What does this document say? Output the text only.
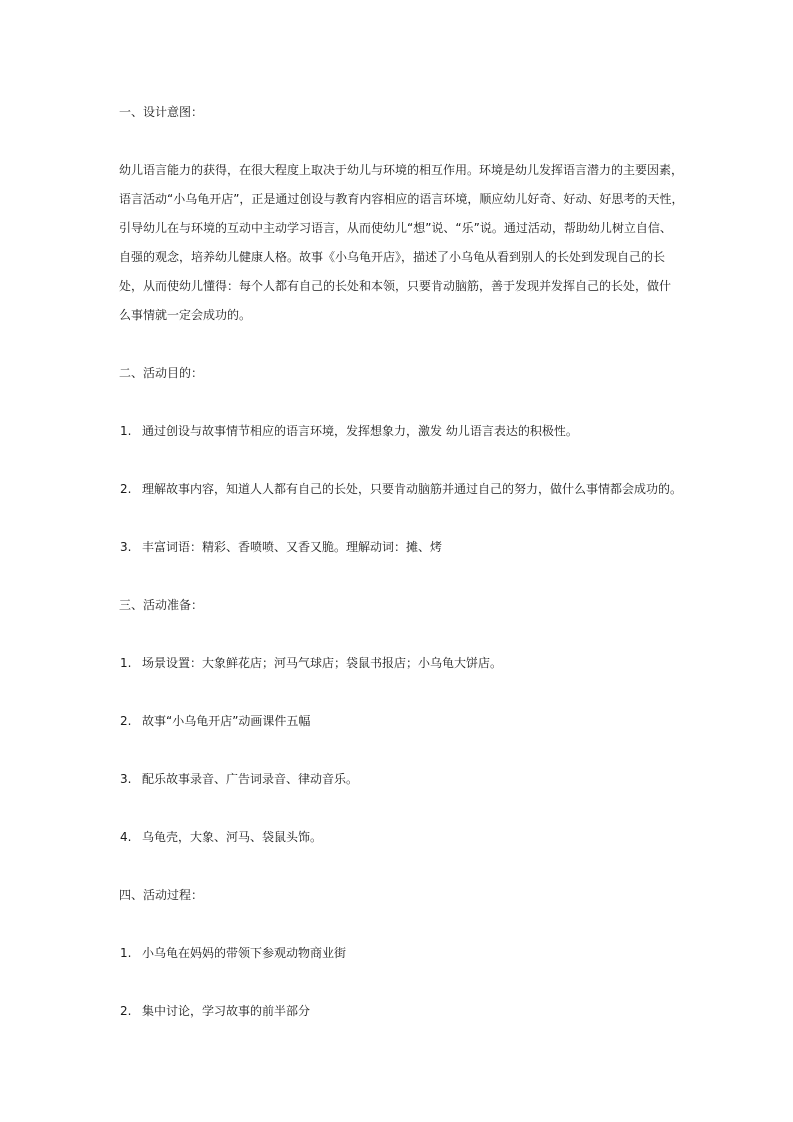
一、设计意图：
幼儿语言能力的获得，在很大程度上取决于幼儿与环境的相互作用。环境是幼儿发挥语言潜力的主要因素，
语言活动“小乌龟开店”，正是通过创设与教育内容相应的语言环境，顺应幼儿好奇、好动、好思考的天性，
引导幼儿在与环境的互动中主动学习语言，从而使幼儿“想”说、“乐”说。通过活动，帮助幼儿树立自信、
自强的观念，培养幼儿健康人格。故事《小乌龟开店》，描述了小乌龟从看到别人的长处到发现自己的长
处，从而使幼儿懂得：每个人都有自己的长处和本领，只要肯动脑筋，善于发现并发挥自己的长处，做什
么事情就一定会成功的。
二、活动目的：
1. 通过创设与故事情节相应的语言环境，发挥想象力，激发 幼儿语言表达的积极性。
2. 理解故事内容，知道人人都有自己的长处，只要肯动脑筋并通过自己的努力，做什么事情都会成功的。
3. 丰富词语：精彩、香喷喷、又香又脆。理解动词：摊、烤
三、活动准备：
1. 场景设置：大象鲜花店；河马气球店；袋鼠书报店；小乌龟大饼店。
2. 故事“小乌龟开店”动画课件五幅
3. 配乐故事录音、广告词录音、律动音乐。
4. 乌龟壳，大象、河马、袋鼠头饰。
四、活动过程：
1. 小乌龟在妈妈的带领下参观动物商业街
2. 集中讨论，学习故事的前半部分
